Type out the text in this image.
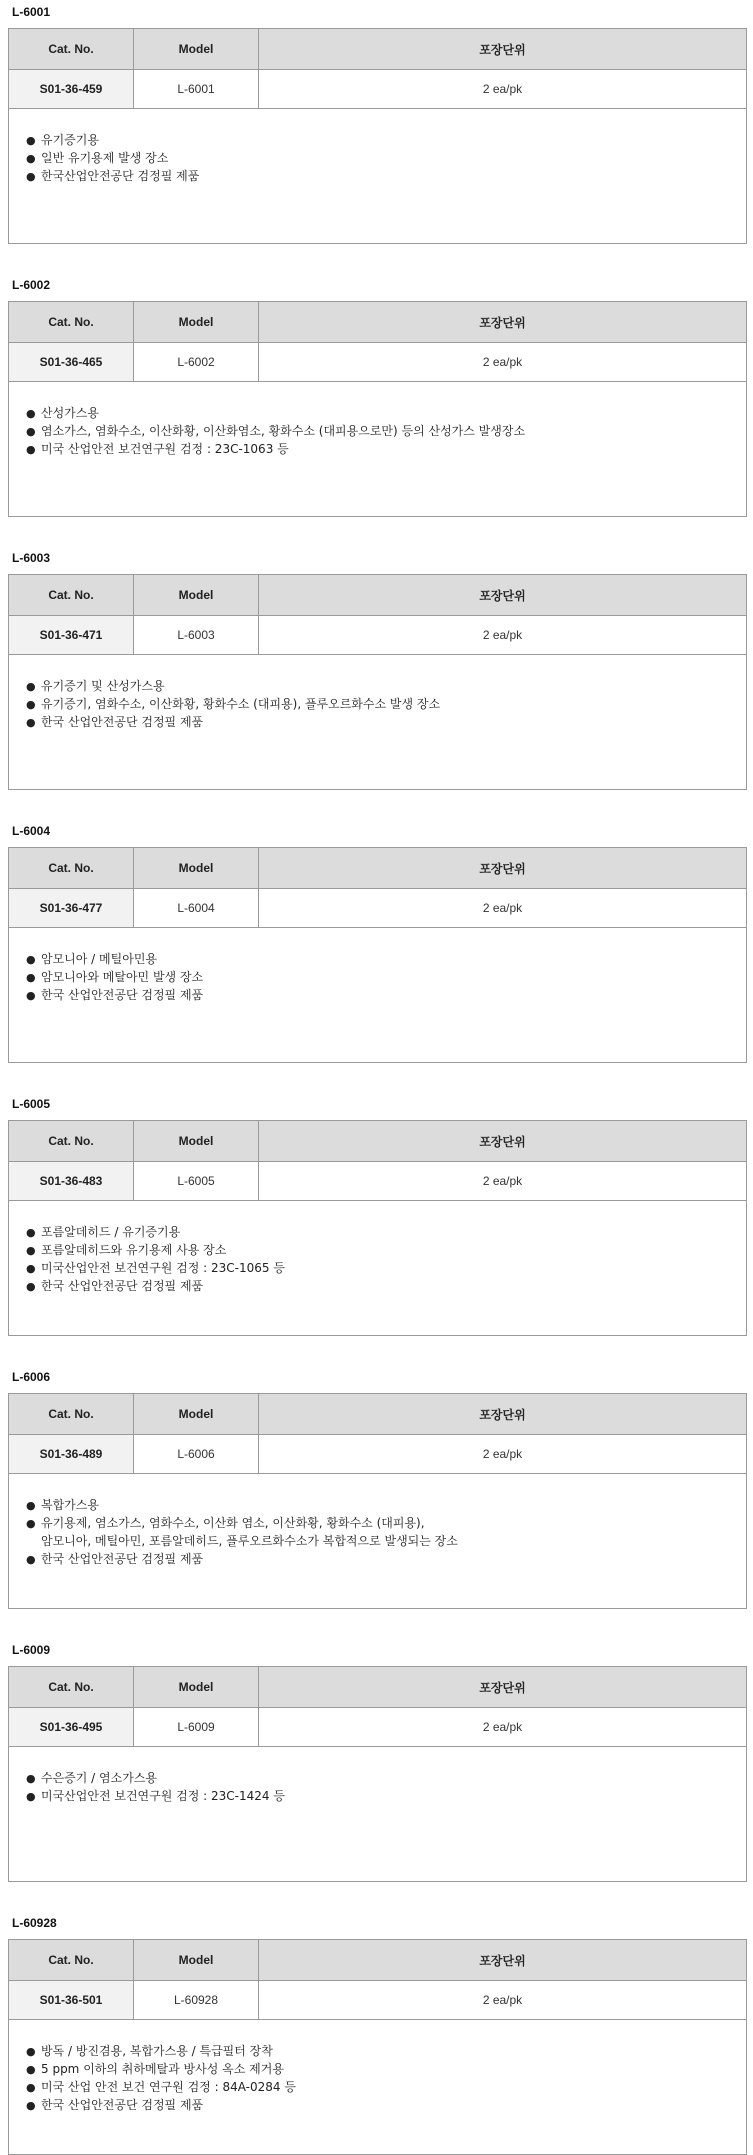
L-6001
Cat. No.	Model	포장단위
S01-36-459	L-6001	2 ea/pk
● 유기증기용
● 일반 유기용제 발생 장소
● 한국산업안전공단 검정필 제품
L-6002
Cat. No.	Model	포장단위
S01-36-465	L-6002	2 ea/pk
● 산성가스용
● 염소가스, 염화수소, 이산화황, 이산화염소, 황화수소 (대피용으로만) 등의 산성가스 발생장소
● 미국 산업안전 보건연구원 검정 : 23C-1063 등
L-6003
Cat. No.	Model	포장단위
S01-36-471	L-6003	2 ea/pk
● 유기증기 및 산성가스용
● 유기증기, 염화수소, 이산화황, 황화수소 (대피용), 플루오르화수소 발생 장소
● 한국 산업안전공단 검정필 제품
L-6004
Cat. No.	Model	포장단위
S01-36-477	L-6004	2 ea/pk
● 암모니아 / 메틸아민용
● 암모니아와 메탈아민 발생 장소
● 한국 산업안전공단 검정필 제품
L-6005
Cat. No.	Model	포장단위
S01-36-483	L-6005	2 ea/pk
● 포름알데히드 / 유기증기용
● 포름알데히드와 유기용제 사용 장소
● 미국산업안전 보건연구원 검정 : 23C-1065 등
● 한국 산업안전공단 검정필 제품
L-6006
Cat. No.	Model	포장단위
S01-36-489	L-6006	2 ea/pk
● 복합가스용
● 유기용제, 염소가스, 염화수소, 이산화 염소, 이산화황, 황화수소 (대피용),
암모니아, 메틸아민, 포름알데히드, 플루오르화수소가 복합적으로 발생되는 장소
● 한국 산업안전공단 검정필 제품
L-6009
Cat. No.	Model	포장단위
S01-36-495	L-6009	2 ea/pk
● 수은증기 / 염소가스용
● 미국산업안전 보건연구원 검정 : 23C-1424 등
L-60928
Cat. No.	Model	포장단위
S01-36-501	L-60928	2 ea/pk
● 방독 / 방진겸용, 복합가스용 / 특급필터 장착
● 5 ppm 이하의 취하메탈과 방사성 옥소 제거용
● 미국 산업 안전 보건 연구원 검정 : 84A-0284 등
● 한국 산업안전공단 검정필 제품
